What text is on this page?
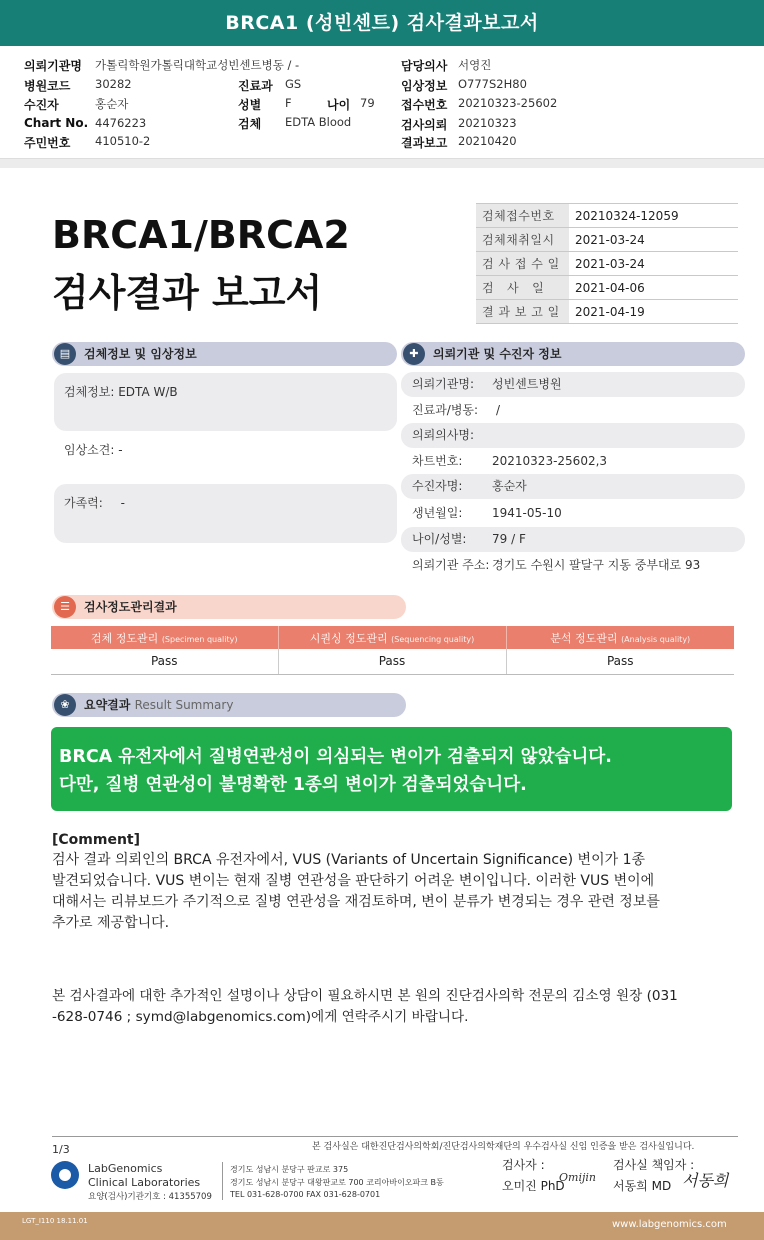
BRCA1 (성빈센트) 검사결과보고서
의뢰기관명 가톨릭학원가톨릭대학교성빈센트병동 / -
병원코드 30282
수진자	홍순자
Chart No. 4476223
주민번호 410510-2
진료과 GS
성별 F	나이 79
검체 EDTA Blood
담당의사 서영진
임상정보 O777S2H80
접수번호 20210323-25602
검사의뢰 20210323
결과보고 20210420
BRCA1/BRCA2
검사결과 보고서
검체접수번호	20210324-12059
검체채취일시	2021-03-24
검 사 접 수 일	2021-03-24
검   사   일	2021-04-06
결 과 보 고 일	2021-04-19
▤	검체정보 및 임상정보
검체정보: EDTA W/B
임상소견: -
가족력: -
✚	의뢰기관 및 수진자 정보
의뢰기관명: 성빈센트병원
진료과/병동: /
의뢰의사명:
차트번호: 20210323-25602,3
수진자명: 홍순자
생년월일: 1941-05-10
나이/성별: 79 / F
의뢰기관 주소: 경기도 수원시 팔달구 지동 중부대로 93
☰	검사정도관리결과
검체 정도관리 (Specimen quality)	시퀀싱 정도관리 (Sequencing quality)	분석 정도관리 (Analysis quality)
Pass	Pass	Pass
❀	요약결과 Result Summary
BRCA 유전자에서 질병연관성이 의심되는 변이가 검출되지 않았습니다.
다만, 질병 연관성이 불명확한 1종의 변이가 검출되었습니다.
[Comment]
검사 결과 의뢰인의 BRCA 유전자에서, VUS (Variants of Uncertain Significance) 변이가 1종
발견되었습니다. VUS 변이는 현재 질병 연관성을 판단하기 어려운 변이입니다. 이러한 VUS 변이에
대해서는 리뷰보드가 주기적으로 질병 연관성을 재검토하며, 변이 분류가 변경되는 경우 관련 정보를
추가로 제공합니다.
본 검사결과에 대한 추가적인 설명이나 상담이 필요하시면 본 원의 진단검사의학 전문의 김소영 원장 (031
-628-0746 ; symd@labgenomics.com)에게 연락주시기 바랍니다.
1/3	본 검사실은 대한진단검사의학회/진단검사의학재단의 우수검사실 신임 인증을 받은 검사실입니다.
LabGenomics
Clinical Laboratories
요양(검사)기관기호 : 41355709
경기도 성남시 분당구 판교로 375
경기도 성남시 분당구 대왕판교로 700 코리아바이오파크 B동
TEL 031-628-0700 FAX 031-628-0701
검사자 :
오미진 PhD
Omijin
검사실 책임자 :
서동희 MD 서동희
LGT_I110 18.11.01	www.labgenomics.com
